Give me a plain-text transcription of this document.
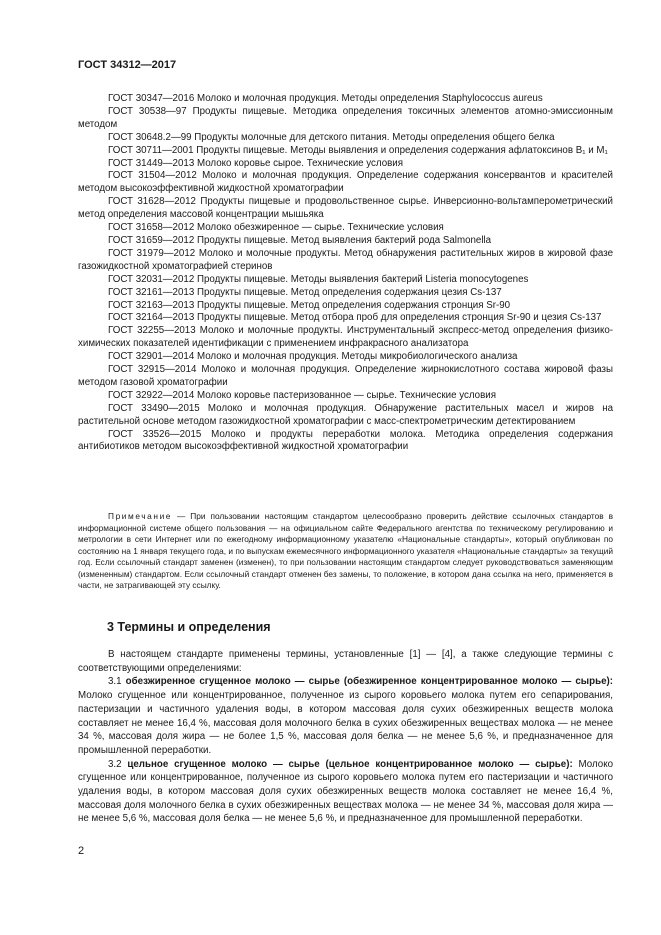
ГОСТ 34312—2017

ГОСТ 30347—2016 Молоко и молочная продукция. Методы определения Staphylococcus aureus

ГОСТ 30538—97 Продукты пищевые. Методика определения токсичных элементов атомно-эмиссионным методом

ГОСТ 30648.2—99 Продукты молочные для детского питания. Методы определения общего белка

ГОСТ 30711—2001 Продукты пищевые. Методы выявления и определения содержания афлатоксинов B₁ и M₁

ГОСТ 31449—2013 Молоко коровье сырое. Технические условия

ГОСТ 31504—2012 Молоко и молочная продукция. Определение содержания консервантов и красителей методом высокоэффективной жидкостной хроматографии

ГОСТ 31628—2012 Продукты пищевые и продовольственное сырье. Инверсионно-вольтамперометрический метод определения массовой концентрации мышьяка

ГОСТ 31658—2012 Молоко обезжиренное — сырье. Технические условия

ГОСТ 31659—2012 Продукты пищевые. Метод выявления бактерий рода Salmonella

ГОСТ 31979—2012 Молоко и молочные продукты. Метод обнаружения растительных жиров в жировой фазе газожидкостной хроматографией стеринов

ГОСТ 32031—2012 Продукты пищевые. Методы выявления бактерий Listeria monocytogenes

ГОСТ 32161—2013 Продукты пищевые. Метод определения содержания цезия Cs-137

ГОСТ 32163—2013 Продукты пищевые. Метод определения содержания стронция Sr-90

ГОСТ 32164—2013 Продукты пищевые. Метод отбора проб для определения стронция Sr-90 и цезия Cs-137

ГОСТ 32255—2013 Молоко и молочные продукты. Инструментальный экспресс-метод определения физико-химических показателей идентификации с применением инфракрасного анализатора

ГОСТ 32901—2014 Молоко и молочная продукция. Методы микробиологического анализа

ГОСТ 32915—2014 Молоко и молочная продукция. Определение жирнокислотного состава жировой фазы методом газовой хроматографии

ГОСТ 32922—2014 Молоко коровье пастеризованное — сырье. Технические условия

ГОСТ 33490—2015 Молоко и молочная продукция. Обнаружение растительных масел и жиров на растительной основе методом газожидкостной хроматографии с масс-спектрометрическим детектированием

ГОСТ 33526—2015 Молоко и продукты переработки молока. Методика определения содержания антибиотиков методом высокоэффективной жидкостной хроматографии

Примечание — При пользовании настоящим стандартом целесообразно проверить действие ссылочных стандартов в информационной системе общего пользования — на официальном сайте Федерального агентства по техническому регулированию и метрологии в сети Интернет или по ежегодному информационному указателю «Национальные стандарты», который опубликован по состоянию на 1 января текущего года, и по выпускам ежемесячного информационного указателя «Национальные стандарты» за текущий год. Если ссылочный стандарт заменен (изменен), то при пользовании настоящим стандартом следует руководствоваться заменяющим (измененным) стандартом. Если ссылочный стандарт отменен без замены, то положение, в котором дана ссылка на него, применяется в части, не затрагивающей эту ссылку.

3 Термины и определения

В настоящем стандарте применены термины, установленные [1] — [4], а также следующие термины с соответствующими определениями:

3.1 обезжиренное сгущенное молоко — сырье (обезжиренное концентрированное молоко — сырье): Молоко сгущенное или концентрированное, полученное из сырого коровьего молока путем его сепарирования, пастеризации и частичного удаления воды, в котором массовая доля сухих обезжиренных веществ молока составляет не менее 16,4 %, массовая доля молочного белка в сухих обезжиренных веществах молока — не менее 34 %, массовая доля жира — не более 1,5 %, массовая доля белка — не менее 5,6 %, и предназначенное для промышленной переработки.

3.2 цельное сгущенное молоко — сырье (цельное концентрированное молоко — сырье): Молоко сгущенное или концентрированное, полученное из сырого коровьего молока путем его пастеризации и частичного удаления воды, в котором массовая доля сухих обезжиренных веществ молока составляет не менее 16,4 %, массовая доля молочного белка в сухих обезжиренных веществах молока — не менее 34 %, массовая доля жира — не менее 5,6 %, массовая доля белка — не менее 5,6 %, и предназначенное для промышленной переработки.

2
